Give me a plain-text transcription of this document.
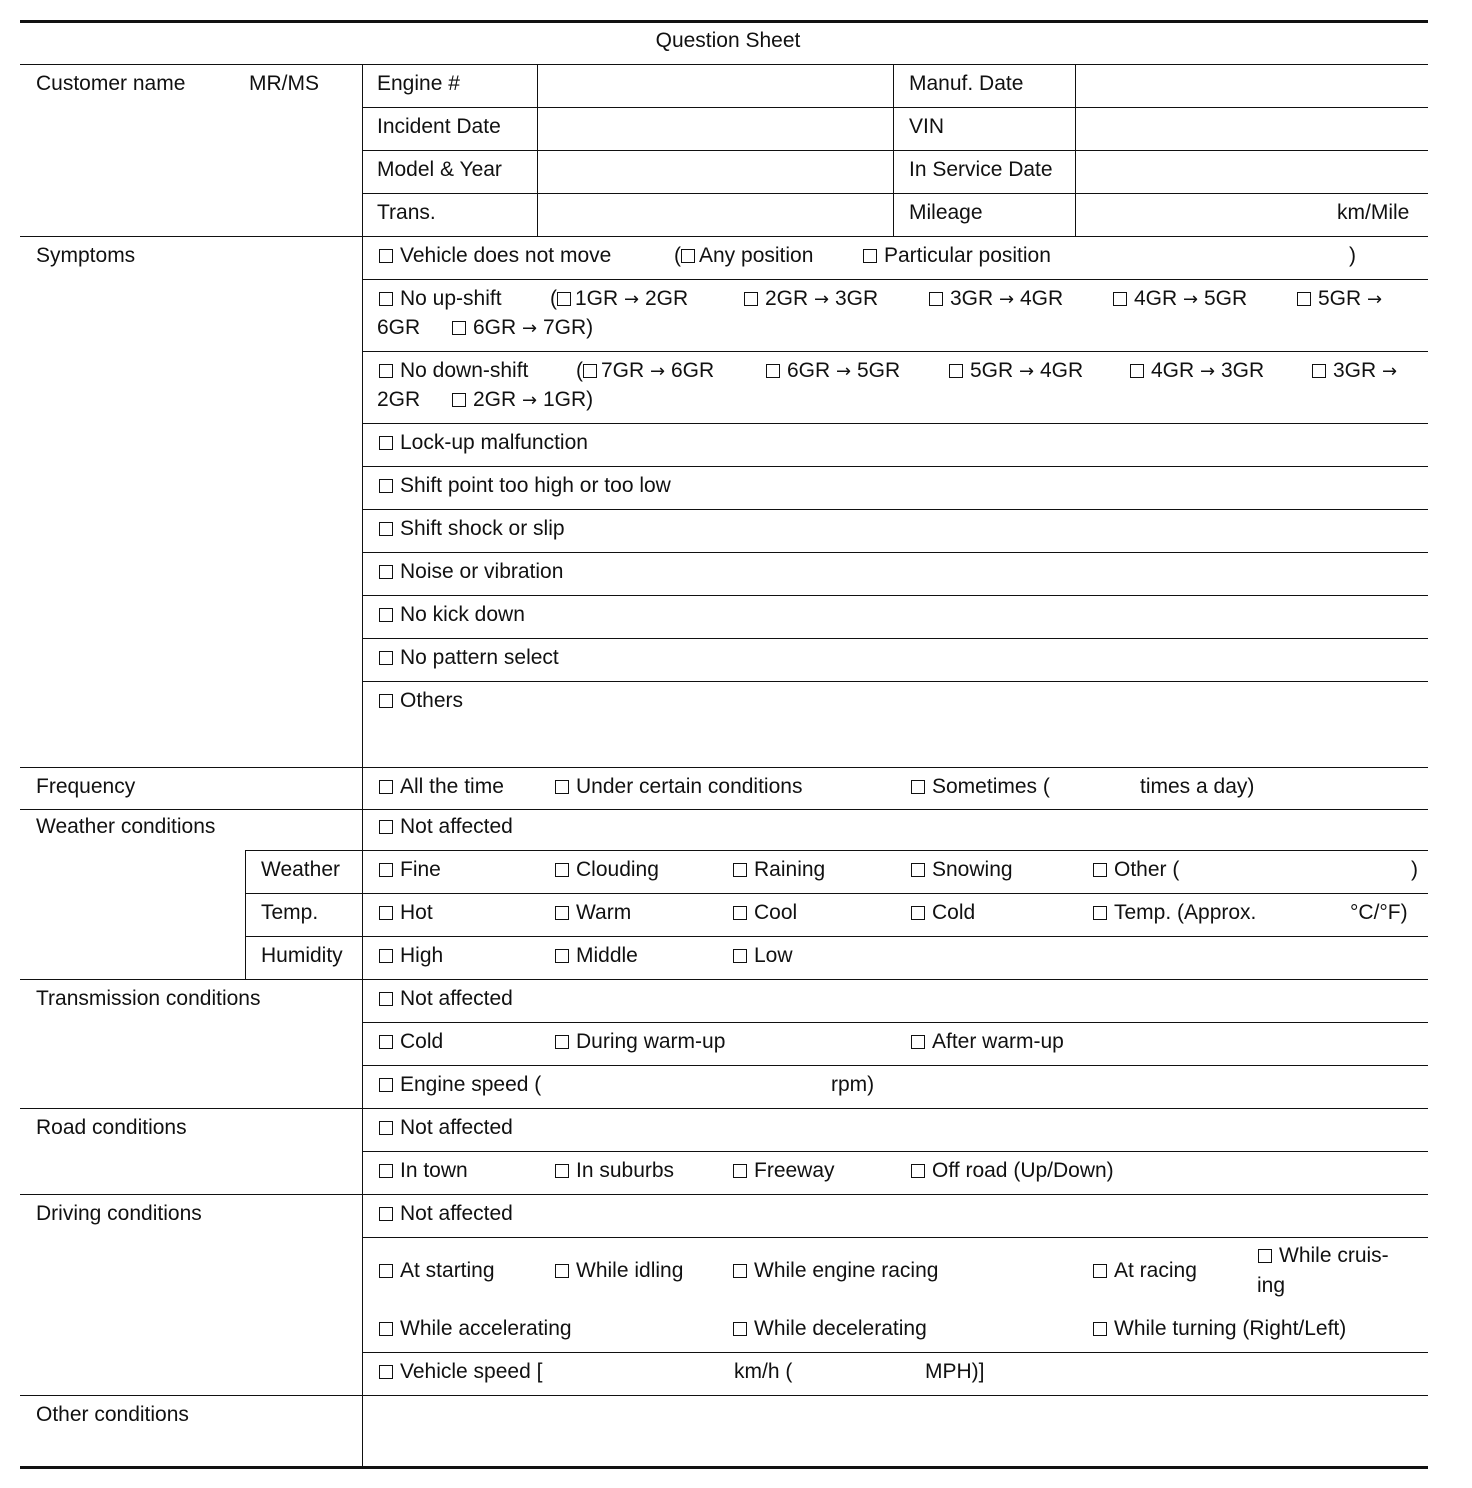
Question Sheet
Customer name	MR/MS	Engine #	Manuf. Date
Incident Date	VIN
Model & Year	In Service Date
Trans.	Mileage	km/Mile
Symptoms	Vehicle does not move	( Any position	Particular position	)
No up-shift ( 1GR → 2GR	2GR → 3GR	3GR → 4GR	4GR → 5GR	5GR →
6GR	6GR → 7GR)
No down-shift ( 7GR → 6GR	6GR → 5GR	5GR → 4GR	4GR → 3GR	3GR →
2GR	2GR → 1GR)
Lock-up malfunction
Shift point too high or too low
Shift shock or slip
Noise or vibration
No kick down
No pattern select
Others
Frequency	All the time	Under certain conditions	Sometimes (	times a day)
Weather conditions	Not affected
Weather	Fine	Clouding	Raining	Snowing	Other (	)
Temp.	Hot	Warm	Cool	Cold	Temp. (Approx.	°C/°F)
Humidity	High	Middle	Low
Transmission conditions	Not affected
Cold	During warm-up	After warm-up
Engine speed (	rpm)
Road conditions	Not affected
In town	In suburbs	Freeway	Off road (Up/Down)
Driving conditions	Not affected
At starting	While idling	While engine racing	At racing
While cruis-
ing
While accelerating	While decelerating	While turning (Right/Left)
Vehicle speed [	km/h (	MPH)]
Other conditions
